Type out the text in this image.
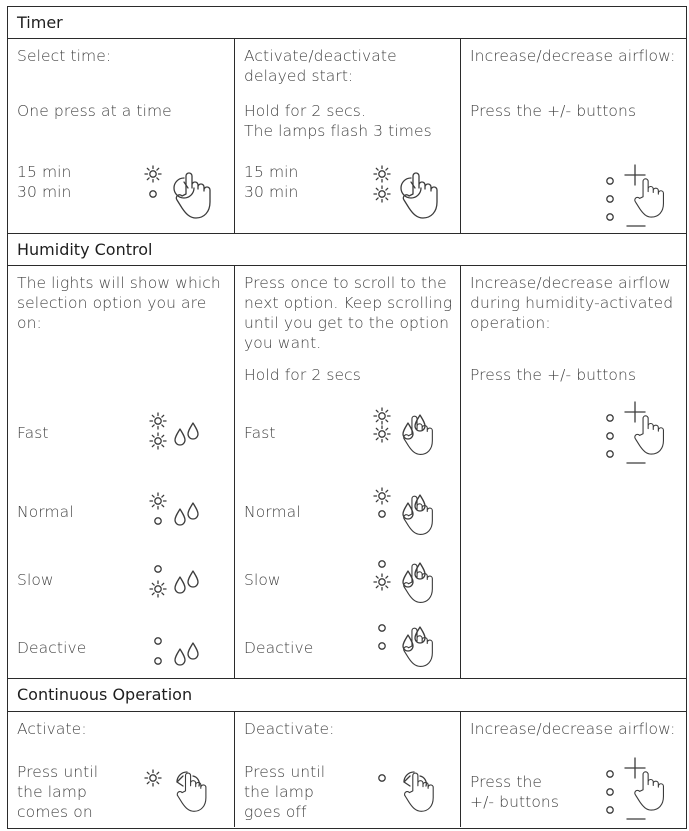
Timer
Select time:
One press at a time
15 min
30 min
Activate/deactivate
delayed start:
Hold for 2 secs.
The lamps flash 3 times
15 min
30 min
Increase/decrease airflow:
Press the +/- buttons
Humidity Control
The lights will show which
selection option you are on:
Fast
Normal
Slow
Deactive
Press once to scroll to the
next option. Keep scrolling
until you get to the option
you want.
Hold for 2 secs
Fast
Normal
Slow
Deactive
Increase/decrease airflow
during humidity-activated
operation:
Press the +/- buttons
Continuous Operation
Activate:
Press until
the lamp
comes on
Deactivate:
Press until
the lamp
goes off
Increase/decrease airflow:
Press the
+/- buttons
